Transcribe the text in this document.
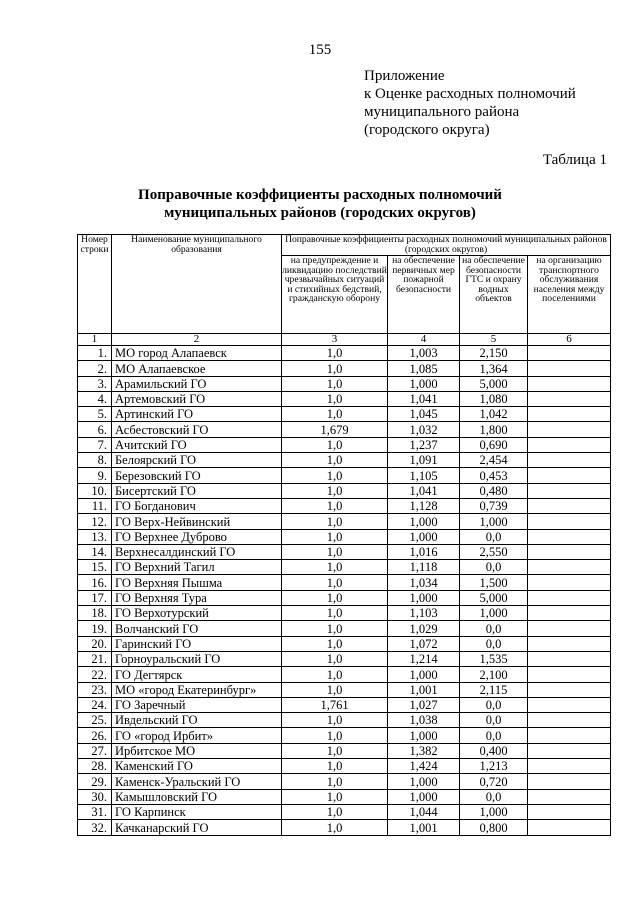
155
Приложение
к Оценке расходных полномочий
муниципального района
(городского округа)
Таблица 1
Поправочные коэффициенты расходных полномочий
муниципальных районов (городских округов)
Номер строки	Наименование муниципального образования	Поправочные коэффициенты расходных полномочий муниципальных районов (городских округов)			
		на предупреждение и ликвидацию последствий чрезвычайных ситуаций и стихийных бедствий, гражданскую оборону	на обеспечение первичных мер пожарной безопасности	на обеспечение безопасности ГТС и охрану водных объектов	на организацию транспортного обслуживания населения между поселениями
1	2	3	4	5	6
1.	МО город Алапаевск	1,0	1,003	2,150	
2.	МО Алапаевское	1,0	1,085	1,364	
3.	Арамильский ГО	1,0	1,000	5,000	
4.	Артемовский ГО	1,0	1,041	1,080	
5.	Артинский ГО	1,0	1,045	1,042	
6.	Асбестовский ГО	1,679	1,032	1,800	
7.	Ачитский ГО	1,0	1,237	0,690	
8.	Белоярский ГО	1,0	1,091	2,454	
9.	Березовский ГО	1,0	1,105	0,453	
10.	Бисертский ГО	1,0	1,041	0,480	
11.	ГО Богданович	1,0	1,128	0,739	
12.	ГО Верх-Нейвинский	1,0	1,000	1,000	
13.	ГО Верхнее Дуброво	1,0	1,000	0,0	
14.	Верхнесалдинский ГО	1,0	1,016	2,550	
15.	ГО Верхний Тагил	1,0	1,118	0,0	
16.	ГО Верхняя Пышма	1,0	1,034	1,500	
17.	ГО Верхняя Тура	1,0	1,000	5,000	
18.	ГО Верхотурский	1,0	1,103	1,000	
19.	Волчанский ГО	1,0	1,029	0,0	
20.	Гаринский ГО	1,0	1,072	0,0	
21.	Горноуральский ГО	1,0	1,214	1,535	
22.	ГО Дегтярск	1,0	1,000	2,100	
23.	МО «город Екатеринбург»	1,0	1,001	2,115	
24.	ГО Заречный	1,761	1,027	0,0	
25.	Ивдельский ГО	1,0	1,038	0,0	
26.	ГО «город Ирбит»	1,0	1,000	0,0	
27.	Ирбитское МО	1,0	1,382	0,400	
28.	Каменский ГО	1,0	1,424	1,213	
29.	Каменск-Уральский ГО	1,0	1,000	0,720	
30.	Камышловский ГО	1,0	1,000	0,0	
31.	ГО Карпинск	1,0	1,044	1,000	
32.	Качканарский ГО	1,0	1,001	0,800	
